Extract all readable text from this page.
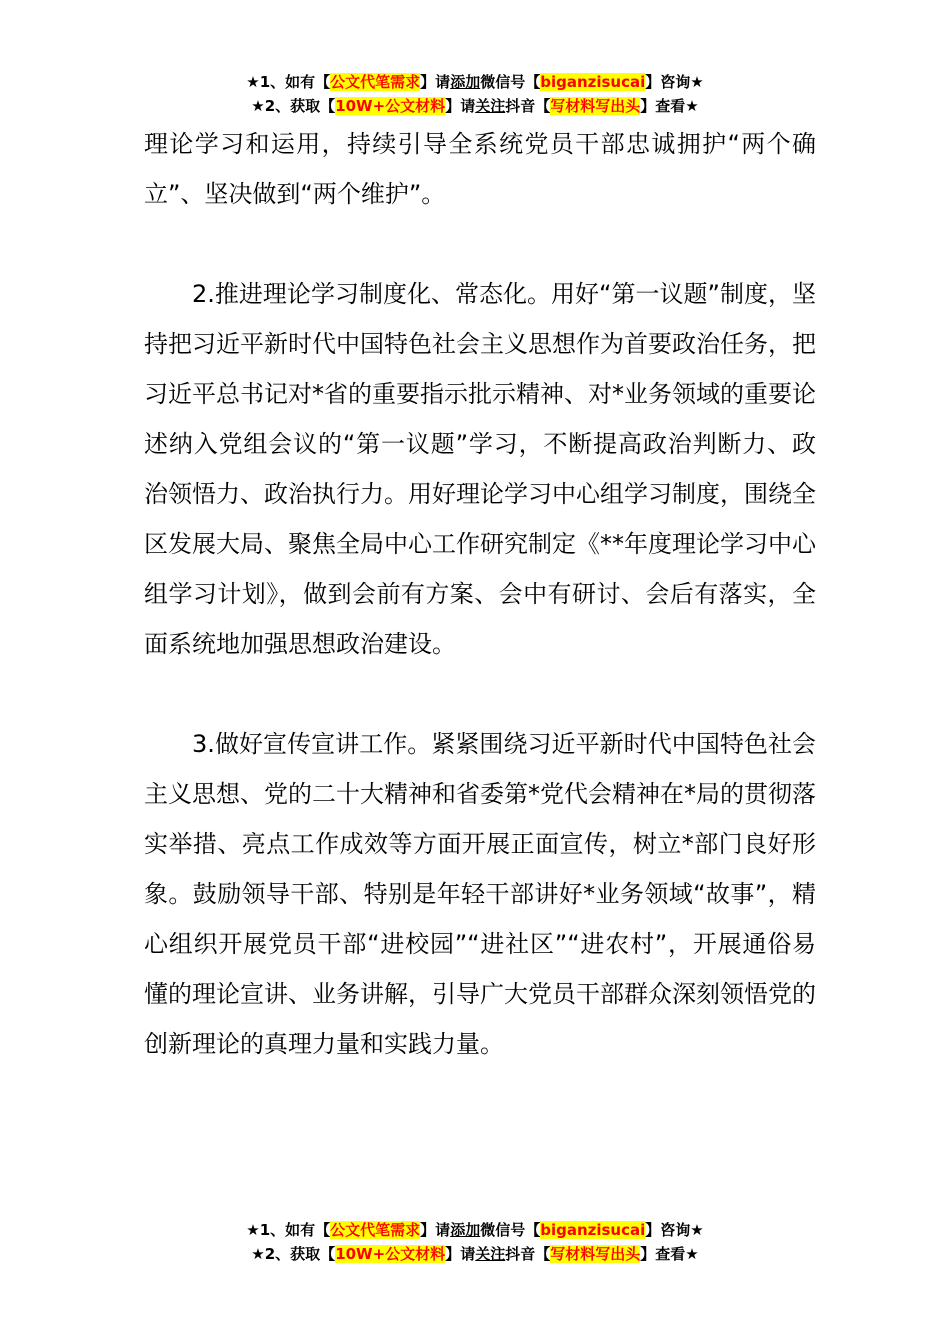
★1、如有【公文代笔需求】请添加微信号【biganzisucai】咨询★
★2、获取【10W+公文材料】请关注抖音【写材料写出头】查看★

理论学习和运用，持续引导全系统党员干部忠诚拥护“两个确立”、坚决做到“两个维护”。

2.推进理论学习制度化、常态化。用好“第一议题”制度，坚持把习近平新时代中国特色社会主义思想作为首要政治任务，把习近平总书记对*省的重要指示批示精神、对*业务领域的重要论述纳入党组会议的“第一议题”学习，不断提高政治判断力、政治领悟力、政治执行力。用好理论学习中心组学习制度，围绕全区发展大局、聚焦全局中心工作研究制定《**年度理论学习中心组学习计划》，做到会前有方案、会中有研讨、会后有落实，全面系统地加强思想政治建设。

3.做好宣传宣讲工作。紧紧围绕习近平新时代中国特色社会主义思想、党的二十大精神和省委第*党代会精神在*局的贯彻落实举措、亮点工作成效等方面开展正面宣传，树立*部门良好形象。鼓励领导干部、特别是年轻干部讲好*业务领域“故事”，精心组织开展党员干部“进校园”“进社区”“进农村”，开展通俗易懂的理论宣讲、业务讲解，引导广大党员干部群众深刻领悟党的创新理论的真理力量和实践力量。

★1、如有【公文代笔需求】请添加微信号【biganzisucai】咨询★
★2、获取【10W+公文材料】请关注抖音【写材料写出头】查看★
